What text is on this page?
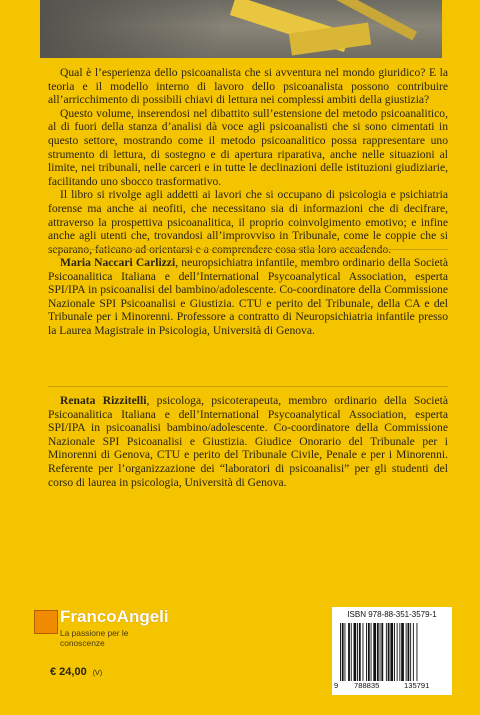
Qual è l’esperienza dello psicoanalista che si avventura nel mondo giuridico? E la teoria e il modello interno di lavoro dello psicoanalista possono contribuire all’arricchimento di possibili chiavi di lettura nei complessi ambiti della giustizia?

Questo volume, inserendosi nel dibattito sull’estensione del metodo psicoanalitico, al di fuori della stanza d’analisi dà voce agli psicoanalisti che si sono cimentati in questo settore, mostrando come il metodo psicoanalitico possa rappresentare uno strumento di lettura, di sostegno e di apertura riparativa, anche nelle situazioni al limite, nei tribunali, nelle carceri e in tutte le declinazioni delle istituzioni giudiziarie, facilitando uno sbocco trasformativo.

Il libro si rivolge agli addetti ai lavori che si occupano di psicologia e psichiatria forense ma anche ai neofiti, che necessitano sia di informazioni che di decifrare, attraverso la prospettiva psicoanalitica, il proprio coinvolgimento emotivo; e infine anche agli utenti che, trovandosi all’improvviso in Tribunale, come le coppie che si separano, faticano ad orientarsi e a comprendere cosa stia loro accadendo.

Maria Naccari Carlizzi, neuropsichiatra infantile, membro ordinario della Società Psicoanalitica Italiana e dell’International Psycoanalytical Association, esperta SPI/IPA in psicoanalisi del bambino/adolescente. Co-coordinatore della Commissione Nazionale SPI Psicoanalisi e Giustizia. CTU e perito del Tribunale, della CA e del Tribunale per i Minorenni. Professore a contratto di Neuropsichiatria infantile presso la Laurea Magistrale in Psicologia, Università di Genova.

Renata Rizzitelli, psicologa, psicoterapeuta, membro ordinario della Società Psicoanalitica Italiana e dell’International Psycoanalytical Association, esperta SPI/IPA in psicoanalisi bambino/adolescente. Co-coordinatore della Commissione Nazionale SPI Psicoanalisi e Giustizia. Giudice Onorario del Tribunale per i Minorenni di Genova, CTU e perito del Tribunale Civile, Penale e per i Minorenni. Referente per l’organizzazione dei “laboratori di psicoanalisi” per gli studenti del corso di laurea in psicologia, Università di Genova.

FrancoAngeli
La passione per le conoscenze
€ 24,00 (V)
ISBN 978-88-351-3579-1
9 788835	135791
